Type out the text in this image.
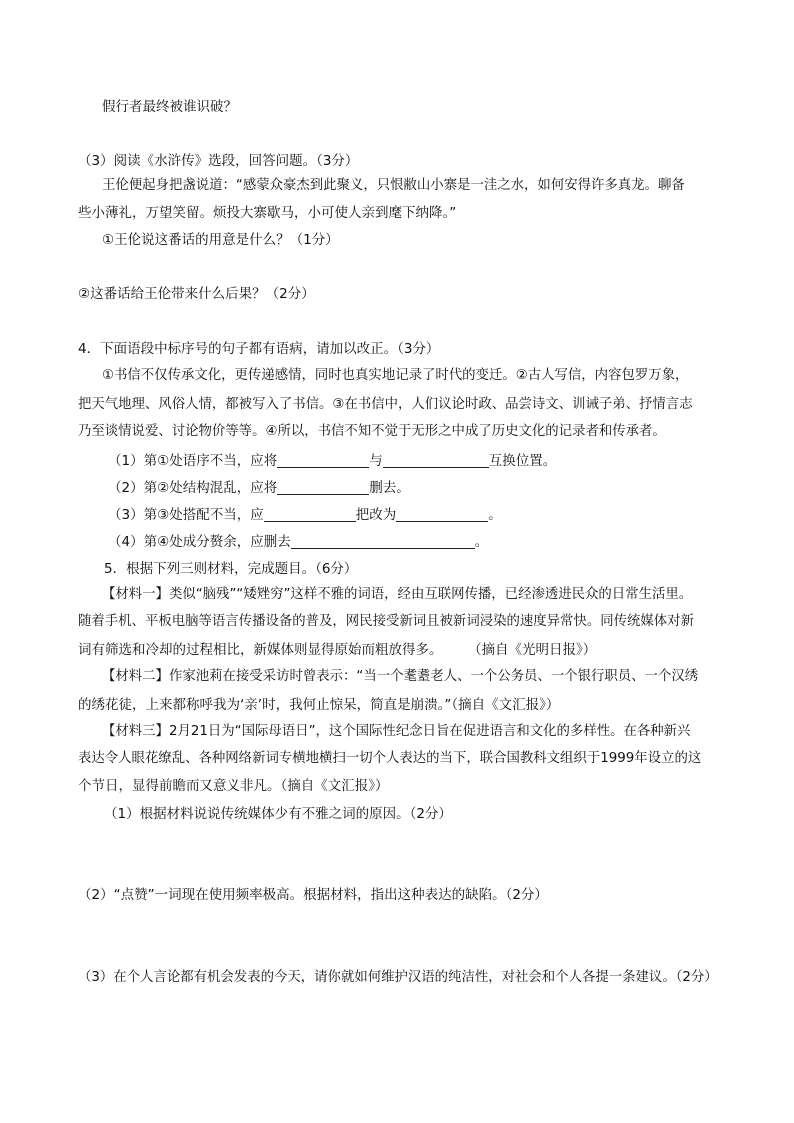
假行者最终被谁识破？
（3）阅读《水浒传》选段，回答问题。（3分）
王伦便起身把盏说道：“感蒙众豪杰到此聚义，只恨敝山小寨是一洼之水，如何安得许多真龙。聊备
些小薄礼，万望笑留。烦投大寨歇马，小可使人亲到麾下纳降。”
①王伦说这番话的用意是什么？（1分）
②这番话给王伦带来什么后果？（2分）
4．下面语段中标序号的句子都有语病，请加以改正。（3分）
①书信不仅传承文化，更传递感情，同时也真实地记录了时代的变迁。②古人写信，内容包罗万象，
把天气地理、风俗人情，都被写入了书信。③在书信中，人们议论时政、品尝诗文、训诫子弟、抒情言志
乃至谈情说爱、讨论物价等等。④所以，书信不知不觉于无形之中成了历史文化的记录者和传承者。
（1）第①处语序不当，应将	与	互换位置。
（2）第②处结构混乱，应将	删去。
（3）第③处搭配不当，应	把改为	。
（4）第④处成分赘余，应删去	。
5．根据下列三则材料，完成题目。（6分）
【材料一】类似“脑残”“矮矬穷”这样不雅的词语，经由互联网传播，已经渗透进民众的日常生活里。
随着手机、平板电脑等语言传播设备的普及，网民接受新词且被新词浸染的速度异常快。同传统媒体对新
词有筛选和冷却的过程相比，新媒体则显得原始而粗放得多。 （摘自《光明日报》）
【材料二】作家池莉在接受采访时曾表示：“当一个耄耋老人、一个公务员、一个银行职员、一个汉绣
的绣花徒，上来都称呼我为‘亲’时，我何止惊呆，简直是崩溃。”（摘自《文汇报》）
【材料三】2月21日为“国际母语日”，这个国际性纪念日旨在促进语言和文化的多样性。在各种新兴
表达令人眼花缭乱、各种网络新词专横地横扫一切个人表达的当下，联合国教科文组织于1999年设立的这
个节日，显得前瞻而又意义非凡。（摘自《文汇报》）
（1）根据材料说说传统媒体少有不雅之词的原因。（2分）
（2）“点赞”一词现在使用频率极高。根据材料，指出这种表达的缺陷。（2分）
（3）在个人言论都有机会发表的今天，请你就如何维护汉语的纯洁性，对社会和个人各提一条建议。（2分）
